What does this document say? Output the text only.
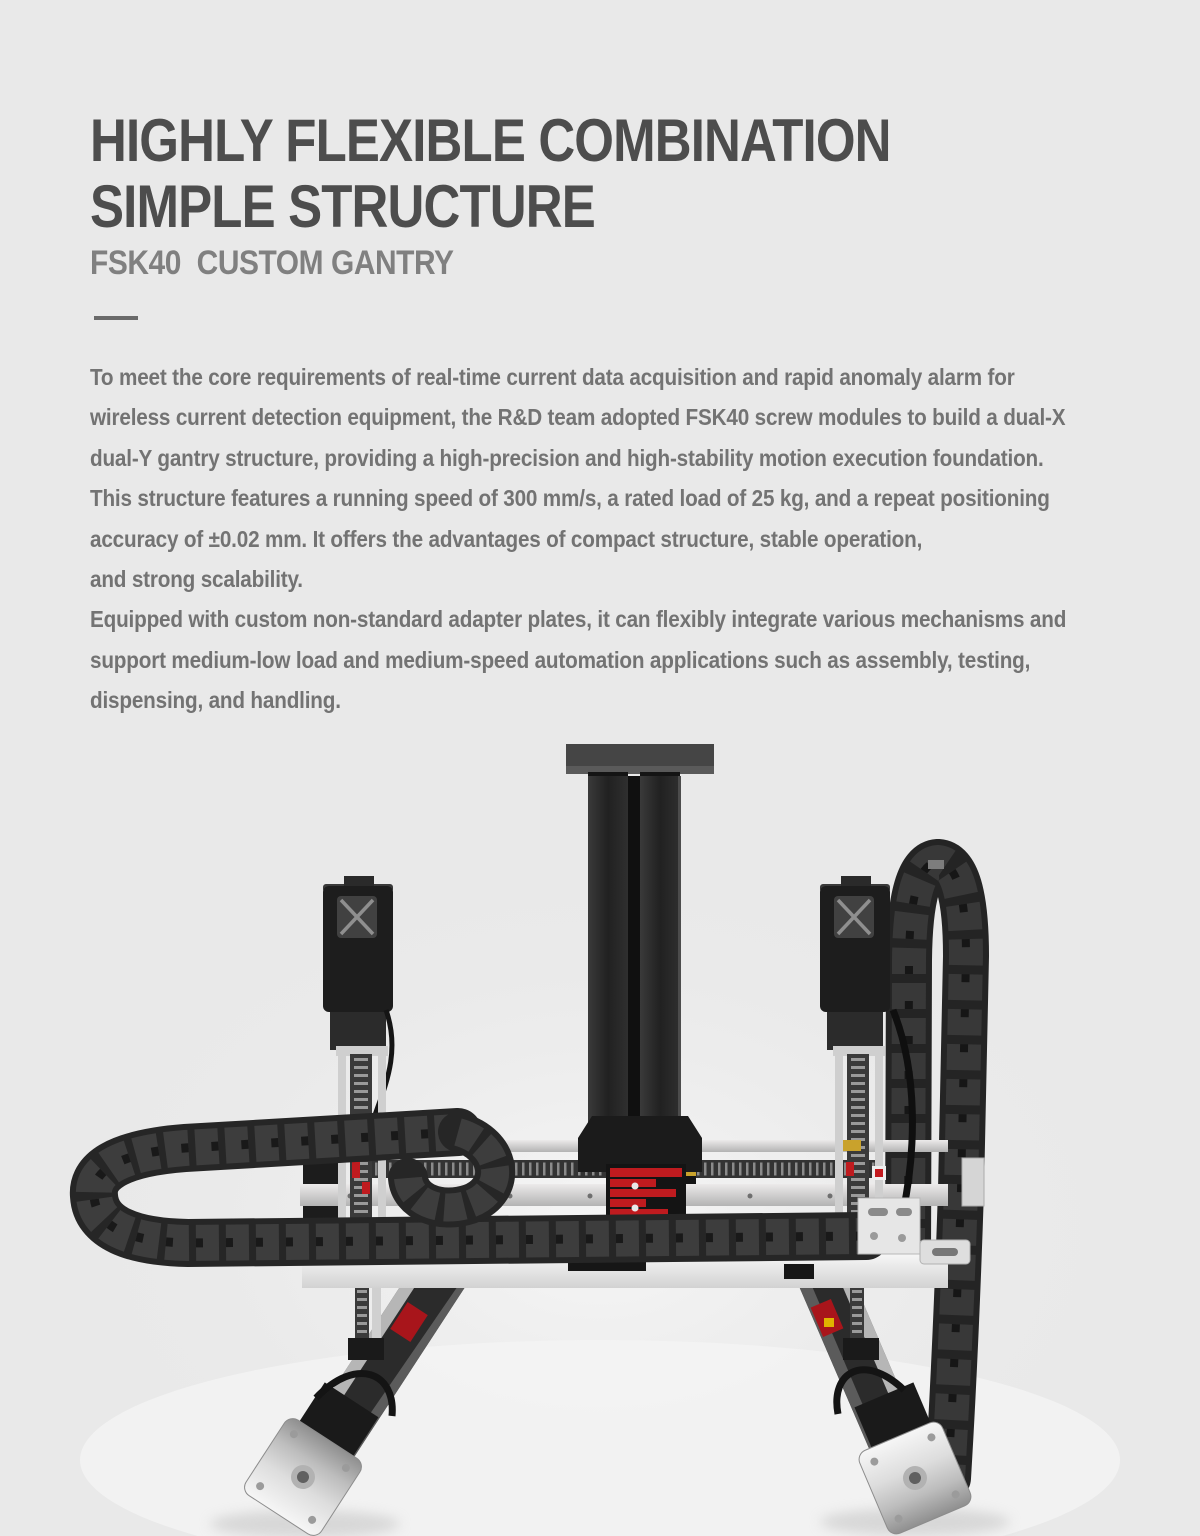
HIGHLY FLEXIBLE COMBINATION
SIMPLE STRUCTURE
FSK40  CUSTOM GANTRY
To meet the core requirements of real-time current data acquisition and rapid anomaly alarm for
wireless current detection equipment, the R&D team adopted FSK40 screw modules to build a dual-X
dual-Y gantry structure, providing a high-precision and high-stability motion execution foundation.
This structure features a running speed of 300 mm/s, a rated load of 25 kg, and a repeat positioning
accuracy of ±0.02 mm. It offers the advantages of compact structure, stable operation,
and strong scalability.
Equipped with custom non-standard adapter plates, it can flexibly integrate various mechanisms and
support medium-low load and medium-speed automation applications such as assembly, testing,
dispensing, and handling.
